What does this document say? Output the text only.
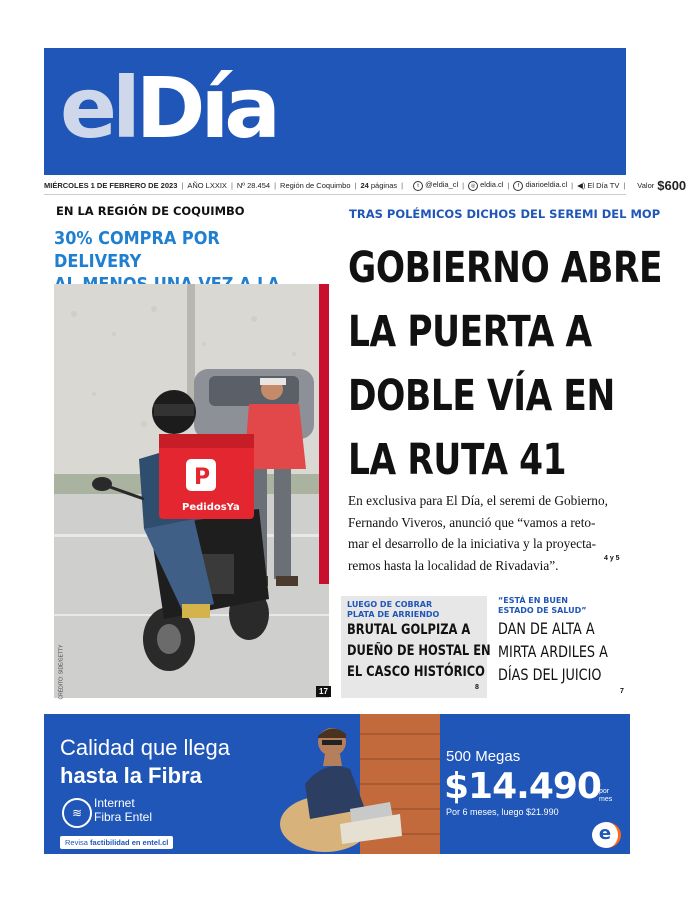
elDía
MIÉRCOLES 1 DE FEBRERO DE 2023 | AÑO LXXIX | Nº 28.454 | Región de Coquimbo | 24
páginas |	t @eldia_cl |	◎ eldia.cl |	f diarioeldia.cl | ◀) El Día TV | Valor $600
EN LA REGIÓN DE COQUIMBO
30% COMPRA POR DELIVERY
P
PedidosYa
CRÉDITO: SIDE/GETTY	17
TRAS POLÉMICOS DICHOS DEL SEREMI DEL MOP
GOBIERNO ABRE
LA PUERTA A
DOBLE VÍA EN
LA RUTA 41
En exclusiva para El Día, el seremi de Gobierno,
Fernando Viveros, anunció que “vamos a reto-
mar el desarrollo de la iniciativa y la proyecta-
remos hasta la localidad de Rivadavia”.	4 y 5
LUEGO DE COBRAR
PLATA DE ARRIENDO
BRUTAL GOLPIZA A
DUEÑO DE HOSTAL EN
EL CASCO HISTÓRICO
8
“ESTÁ EN BUEN
ESTADO DE SALUD”
DAN DE ALTA A
MIRTA ARDILES A
DÍAS DEL JUICIO
7
Calidad que llega
hasta la Fibra
≋
Internet
Fibra Entel
Revisa factibilidad en entel.cl
500 Megas
$14.490
por
mes
Por 6 meses, luego $21.990
e
